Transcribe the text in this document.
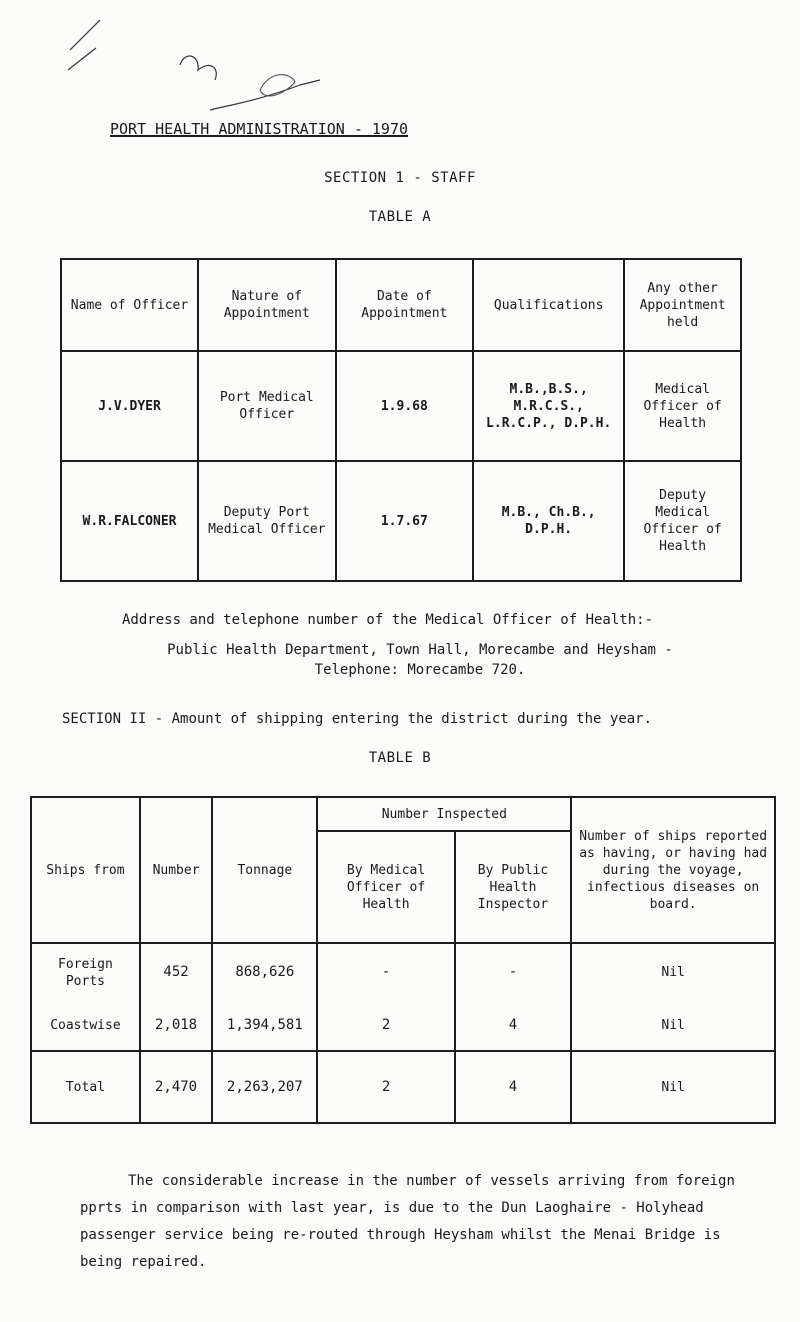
PORT HEALTH ADMINISTRATION - 1970
SECTION 1 - STAFF
TABLE A
Name of Officer	Nature of Appointment	Date of Appointment	Qualifications	Any other Appointment held
J.V.DYER	Port Medical Officer	1.9.68	M.B.,B.S., M.R.C.S., L.R.C.P., D.P.H.	Medical Officer of Health
W.R.FALCONER	Deputy Port Medical Officer	1.7.67	M.B., Ch.B., D.P.H.	Deputy Medical Officer of Health
Address and telephone number of the Medical Officer of Health:-
Public Health Department, Town Hall, Morecambe and Heysham -
Telephone: Morecambe 720.
SECTION II - Amount of shipping entering the district during the year.
TABLE B
Ships from	Number	Tonnage	Number Inspected		Number of ships reported as having, or having had during the voyage, infectious diseases on board.
			By Medical Officer of Health	By Public Health Inspector	
Foreign Ports	452	868,626	-	-	Nil
Coastwise	2,018	1,394,581	2	4	Nil
Total	2,470	2,263,207	2	4	Nil
The considerable increase in the number of vessels arriving from foreign pprts in comparison with last year, is due to the Dun Laoghaire - Holyhead passenger service being re-routed through Heysham whilst the Menai Bridge is being repaired.
